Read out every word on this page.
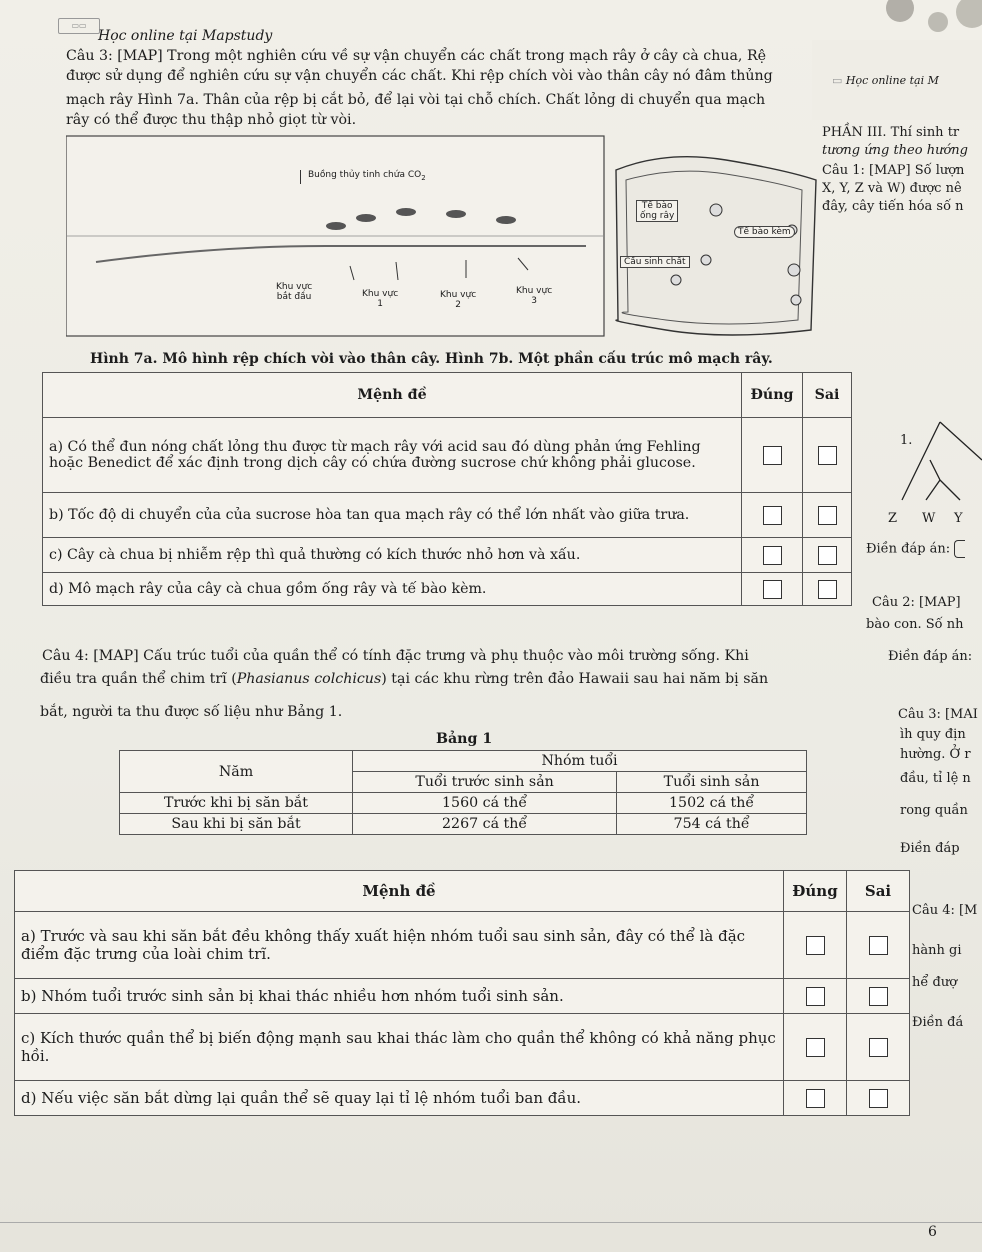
▭▭
Học online tại Mapstudy
Câu 3: [MAP] Trong một nghiên cứu về sự vận chuyển các chất trong mạch rây ở cây cà chua, Rệ
được sử dụng để nghiên cứu sự vận chuyển các chất. Khi rệp chích vòi vào thân cây nó đâm thủng
mạch rây Hình 7a. Thân của rệp bị cắt bỏ, để lại vòi tại chỗ chích. Chất lỏng di chuyển qua mạch
rây có thể được thu thập nhỏ giọt từ vòi.
Buồng thủy tinh chứa $CO_2$
Khu vực
bắt đầu	Khu vực
1
Khu vực
2
Khu vực
3
Tế bào
ống rây
Tế bào kèm
Cầu sinh chất
Hình 7a. Mô hình rệp chích vòi vào thân cây. Hình 7b. Một phần cấu trúc mô mạch rây.
Mệnh đề	Đúng	Sai
a) Có thể đun nóng chất lỏng thu được từ mạch rây với acid sau đó dùng phản ứng Fehling hoặc Benedict để xác định trong dịch cây có chứa đường sucrose chứ không phải glucose.		
b) Tốc độ di chuyển của của sucrose hòa tan qua mạch rây có thể lớn nhất vào giữa trưa.		
c) Cây cà chua bị nhiễm rệp thì quả thường có kích thước nhỏ hơn và xấu.		
d) Mô mạch rây của cây cà chua gồm ống rây và tế bào kèm.		
▭ Học online tại M
PHẦN III. Thí sinh tr
tương ứng theo hướng
Câu 1: [MAP] Số lượn
X, Y, Z và W) được nê
đây, cây tiến hóa số n
1.
Z W Y
Điền đáp án:
Câu 2: [MAP]
bào con. Số nh
Điền đáp án:
Câu 3: [MAI
ìh quy địn
hường. Ở r
đầu, tỉ lệ n
rong quần
Điền đáp
Câu 4: [M
hành gi
hể đượ
Điền đá
Câu 4: [MAP] Cấu trúc tuổi của quần thể có tính đặc trưng và phụ thuộc vào môi trường sống. Khi
điều tra quần thể chim trĩ (Phasianus colchicus) tại các khu rừng trên đảo Hawaii sau hai năm bị săn
bắt, người ta thu được số liệu như Bảng 1.
Bảng 1
Năm	Nhóm tuổi	
	Tuổi trước sinh sản	Tuổi sinh sản
Trước khi bị săn bắt	1560 cá thể	1502 cá thể
Sau khi bị săn bắt	2267 cá thể	754 cá thể
Mệnh đề	Đúng	Sai
a) Trước và sau khi săn bắt đều không thấy xuất hiện nhóm tuổi sau sinh sản, đây có thể là đặc điểm đặc trưng của loài chim trĩ.		
b) Nhóm tuổi trước sinh sản bị khai thác nhiều hơn nhóm tuổi sinh sản.		
c) Kích thước quần thể bị biến động mạnh sau khai thác làm cho quần thể không có khả năng phục hồi.		
d) Nếu việc săn bắt dừng lại quần thể sẽ quay lại tỉ lệ nhóm tuổi ban đầu.		
6
